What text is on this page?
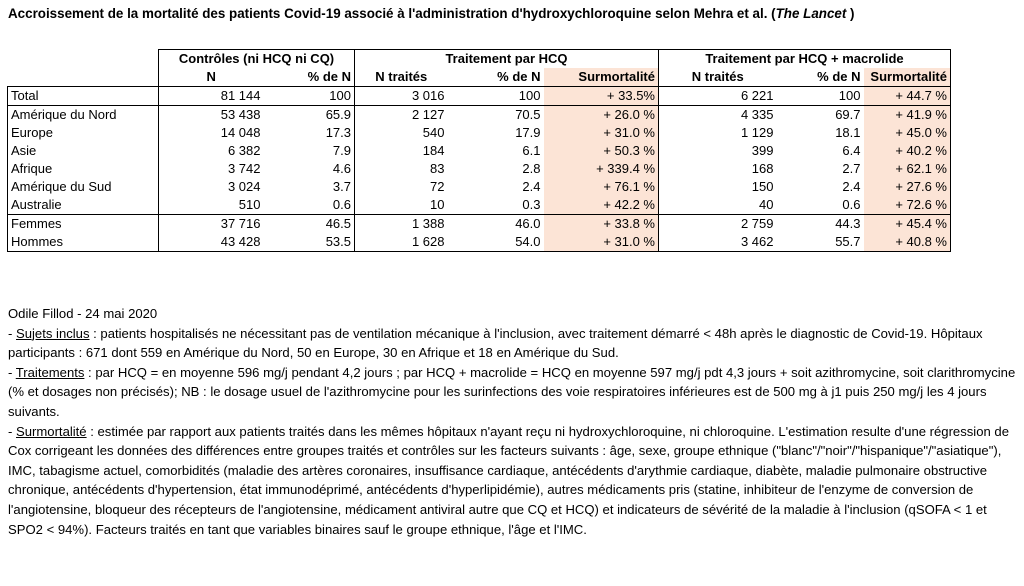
Accroissement de la mortalité des patients Covid-19 associé à l'administration d'hydroxychloroquine selon Mehra et al. (The Lancet )
	Contrôles (ni HCQ ni CQ)		Traitement par HCQ			Traitement par HCQ + macrolide		
	N	% de N	N traités	% de N	Surmortalité	N traités	% de N	Surmortalité
Total	81 144	100	3 016	100	+ 33.5%	6 221	100	+ 44.7 %
Amérique du Nord	53 438	65.9	2 127	70.5	+ 26.0 %	4 335	69.7	+ 41.9 %
Europe	14 048	17.3	540	17.9	+ 31.0 %	1 129	18.1	+ 45.0 %
Asie	6 382	7.9	184	6.1	+ 50.3 %	399	6.4	+ 40.2 %
Afrique	3 742	4.6	83	2.8	+ 339.4 %	168	2.7	+ 62.1 %
Amérique du Sud	3 024	3.7	72	2.4	+ 76.1 %	150	2.4	+ 27.6 %
Australie	510	0.6	10	0.3	+ 42.2 %	40	0.6	+ 72.6 %
Femmes	37 716	46.5	1 388	46.0	+ 33.8 %	2 759	44.3	+ 45.4 %
Hommes	43 428	53.5	1 628	54.0	+ 31.0 %	3 462	55.7	+ 40.8 %

Odile Fillod - 24 mai 2020

- Sujets inclus : patients hospitalisés ne nécessitant pas de ventilation mécanique à l'inclusion, avec traitement démarré < 48h après le diagnostic de Covid-19. Hôpitaux participants : 671 dont 559 en Amérique du Nord, 50 en Europe, 30 en Afrique et 18 en Amérique du Sud.

- Traitements : par HCQ = en moyenne 596 mg/j pendant 4,2 jours ; par HCQ + macrolide = HCQ en moyenne 597 mg/j pdt 4,3 jours + soit azithromycine, soit clarithromycine (% et dosages non précisés); NB : le dosage usuel de l'azithromycine pour les surinfections des voie respiratoires inférieures est de 500 mg à j1 puis 250 mg/j les 4 jours suivants.

- Surmortalité : estimée par rapport aux patients traités dans les mêmes hôpitaux n'ayant reçu ni hydroxychloroquine, ni chloroquine. L'estimation resulte d'une régression de Cox corrigeant les données des différences entre groupes traités et contrôles sur les facteurs suivants : âge, sexe, groupe ethnique ("blanc"/"noir"/"hispanique"/"asiatique"), IMC, tabagisme actuel, comorbidités (maladie des artères coronaires, insuffisance cardiaque, antécédents d'arythmie cardiaque, diabète, maladie pulmonaire obstructive chronique, antécédents d'hypertension, état immunodéprimé, antécédents d'hyperlipidémie), autres médicaments pris (statine, inhibiteur de l'enzyme de conversion de l'angiotensine, bloqueur des récepteurs de l'angiotensine, médicament antiviral autre que CQ et HCQ) et indicateurs de sévérité de la maladie à l'inclusion (qSOFA < 1 et SPO2 < 94%). Facteurs traités en tant que variables binaires sauf le groupe ethnique, l'âge et l'IMC.
